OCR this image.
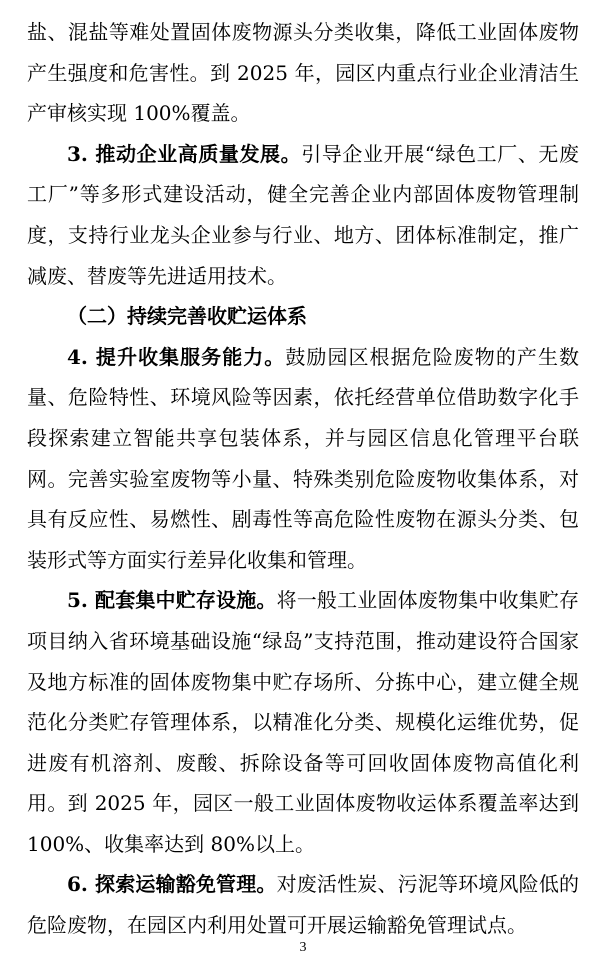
盐、混盐等难处置固体废物源头分类收集，降低工业固体废物产生强度和危害性。到 2025 年，园区内重点行业企业清洁生产审核实现 100%覆盖。

3. 推动企业高质量发展。引导企业开展“绿色工厂、无废工厂”等多形式建设活动，健全完善企业内部固体废物管理制度，支持行业龙头企业参与行业、地方、团体标准制定，推广减废、替废等先进适用技术。

（二）持续完善收贮运体系

4. 提升收集服务能力。鼓励园区根据危险废物的产生数量、危险特性、环境风险等因素，依托经营单位借助数字化手段探索建立智能共享包装体系，并与园区信息化管理平台联网。完善实验室废物等小量、特殊类别危险废物收集体系，对具有反应性、易燃性、剧毒性等高危险性废物在源头分类、包装形式等方面实行差异化收集和管理。

5. 配套集中贮存设施。将一般工业固体废物集中收集贮存项目纳入省环境基础设施“绿岛”支持范围，推动建设符合国家及地方标准的固体废物集中贮存场所、分拣中心，建立健全规范化分类贮存管理体系，以精准化分类、规模化运维优势，促进废有机溶剂、废酸、拆除设备等可回收固体废物高值化利用。到 2025 年，园区一般工业固体废物收运体系覆盖率达到 100%、收集率达到 80%以上。

6. 探索运输豁免管理。对废活性炭、污泥等环境风险低的危险废物，在园区内利用处置可开展运输豁免管理试点。

3
